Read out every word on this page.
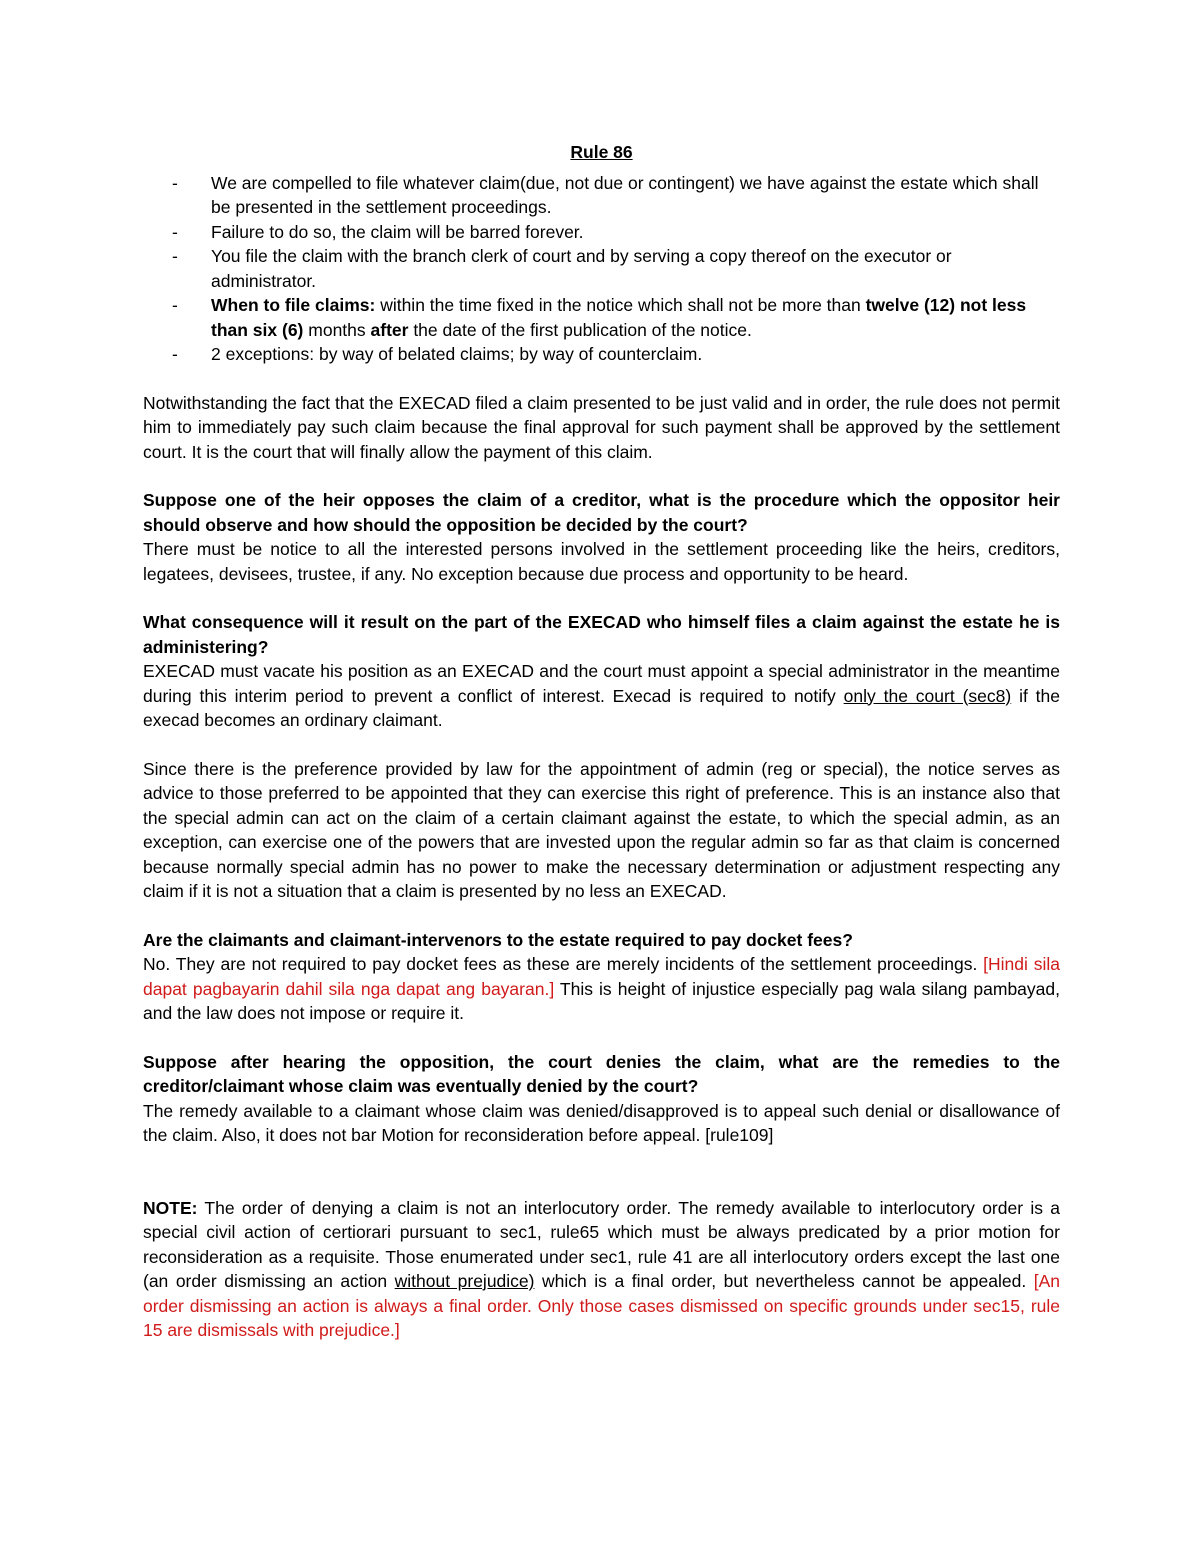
Rule 86
- We are compelled to file whatever claim(due, not due or contingent) we have against the estate which shall be presented in the settlement proceedings.
- Failure to do so, the claim will be barred forever.
- You file the claim with the branch clerk of court and by serving a copy thereof on the executor or administrator.
- When to file claims: within the time fixed in the notice which shall not be more than twelve (12) not less than six (6) months after the date of the first publication of the notice.
- 2 exceptions: by way of belated claims; by way of counterclaim.

Notwithstanding the fact that the EXECAD filed a claim presented to be just valid and in order, the rule does not permit him to immediately pay such claim because the final approval for such payment shall be approved by the settlement court. It is the court that will finally allow the payment of this claim.

Suppose one of the heir opposes the claim of a creditor, what is the procedure which the oppositor heir should observe and how should the opposition be decided by the court?

There must be notice to all the interested persons involved in the settlement proceeding like the heirs, creditors, legatees, devisees, trustee, if any. No exception because due process and opportunity to be heard.

What consequence will it result on the part of the EXECAD who himself files a claim against the estate he is administering?

EXECAD must vacate his position as an EXECAD and the court must appoint a special administrator in the meantime during this interim period to prevent a conflict of interest. Execad is required to notify only the court (sec8) if the execad becomes an ordinary claimant.

Since there is the preference provided by law for the appointment of admin (reg or special), the notice serves as advice to those preferred to be appointed that they can exercise this right of preference. This is an instance also that the special admin can act on the claim of a certain claimant against the estate, to which the special admin, as an exception, can exercise one of the powers that are invested upon the regular admin so far as that claim is concerned because normally special admin has no power to make the necessary determination or adjustment respecting any claim if it is not a situation that a claim is presented by no less an EXECAD.

Are the claimants and claimant-intervenors to the estate required to pay docket fees?

No. They are not required to pay docket fees as these are merely incidents of the settlement proceedings. [Hindi sila dapat pagbayarin dahil sila nga dapat ang bayaran.] This is height of injustice especially pag wala silang pambayad, and the law does not impose or require it.

Suppose after hearing the opposition, the court denies the claim, what are the remedies to the creditor/claimant whose claim was eventually denied by the court?

The remedy available to a claimant whose claim was denied/disapproved is to appeal such denial or disallowance of the claim. Also, it does not bar Motion for reconsideration before appeal. [rule109]

NOTE: The order of denying a claim is not an interlocutory order. The remedy available to interlocutory order is a special civil action of certiorari pursuant to sec1, rule65 which must be always predicated by a prior motion for reconsideration as a requisite. Those enumerated under sec1, rule 41 are all interlocutory orders except the last one (an order dismissing an action without prejudice) which is a final order, but nevertheless cannot be appealed. [An order dismissing an action is always a final order. Only those cases dismissed on specific grounds under sec15, rule 15 are dismissals with prejudice.]
